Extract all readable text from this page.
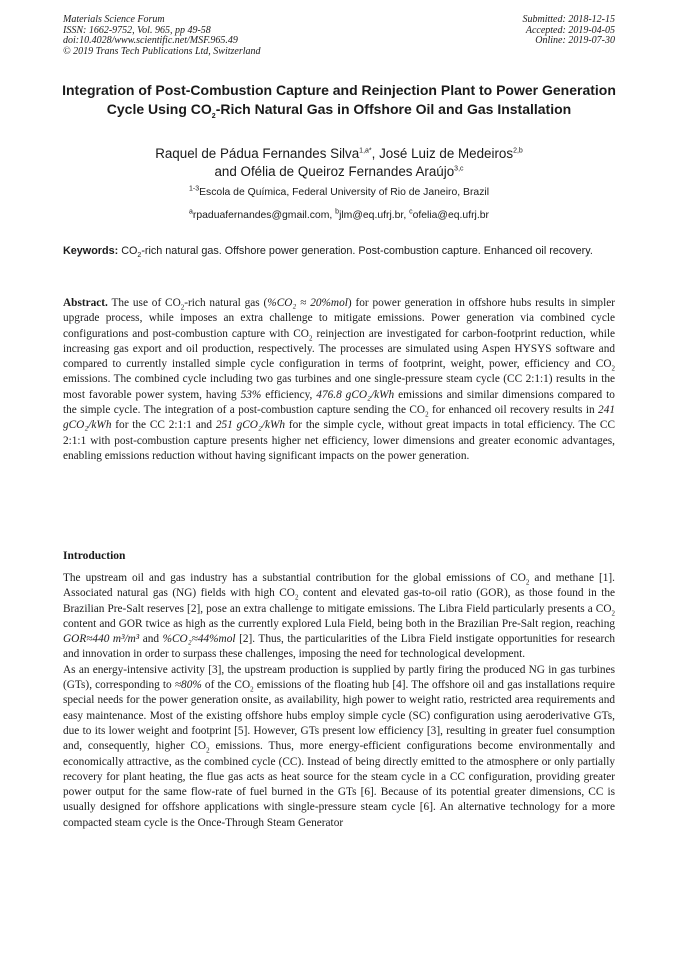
Materials Science Forum
ISSN: 1662-9752, Vol. 965, pp 49-58
doi:10.4028/www.scientific.net/MSF.965.49
© 2019 Trans Tech Publications Ltd, Switzerland
Submitted: 2018-12-15
Accepted: 2019-04-05
Online: 2019-07-30
Integration of Post-Combustion Capture and Reinjection Plant to Power Generation Cycle Using $CO_2$-Rich Natural Gas in Offshore Oil and Gas Installation
Raquel de Pádua Fernandes Silva$^{1,a*}$, José Luiz de Medeiros$^{2,b}$
and Ofélia de Queiroz Fernandes Araújo$^{3,c}$
$^{1-3}$Escola de Química, Federal University of Rio de Janeiro, Brazil
$^a$rpaduafernandes@gmail.com, $^b$jlm@eq.ufrj.br, $^c$ofelia@eq.ufrj.br
Keywords: $CO_2$-rich natural gas. Offshore power generation. Post-combustion capture. Enhanced oil recovery.

Abstract. The use of $CO_2$-rich natural gas (%CO₂ ≈ 20%mol) for power generation in offshore hubs results in simpler upgrade process, while imposes an extra challenge to mitigate emissions. Power generation via combined cycle configurations and post-combustion capture with $CO_2$ reinjection are investigated for carbon-footprint reduction, while increasing gas export and oil production, respectively. The processes are simulated using Aspen HYSYS software and compared to currently installed simple cycle configuration in terms of footprint, weight, power, efficiency and $CO_2$ emissions. The combined cycle including two gas turbines and one single-pressure steam cycle (CC 2:1:1) results in the most favorable power system, having 53% efficiency, 476.8 gCO₂/kWh emissions and similar dimensions compared to the simple cycle. The integration of a post-combustion capture sending the $CO_2$ for enhanced oil recovery results in 241 gCO₂/kWh for the CC 2:1:1 and 251 gCO₂/kWh for the simple cycle, without great impacts in total efficiency. The CC 2:1:1 with post-combustion capture presents higher net efficiency, lower dimensions and greater economic advantages, enabling emissions reduction without having significant impacts on the power generation.

Introduction

The upstream oil and gas industry has a substantial contribution for the global emissions of $CO_2$ and methane [1]. Associated natural gas (NG) fields with high $CO_2$ content and elevated gas-to-oil ratio (GOR), as those found in the Brazilian Pre-Salt reserves [2], pose an extra challenge to mitigate emissions. The Libra Field particularly presents a $CO_2$ content and GOR twice as high as the currently explored Lula Field, being both in the Brazilian Pre-Salt region, reaching GOR≈440 m³/m³ and %CO₂≈44%mol [2]. Thus, the particularities of the Libra Field instigate opportunities for research and innovation in order to surpass these challenges, imposing the need for technological development.

As an energy-intensive activity [3], the upstream production is supplied by partly firing the produced NG in gas turbines (GTs), corresponding to ≈80% of the $CO_2$ emissions of the floating hub [4]. The offshore oil and gas installations require special needs for the power generation onsite, as availability, high power to weight ratio, restricted area requirements and easy maintenance. Most of the existing offshore hubs employ simple cycle (SC) configuration using aeroderivative GTs, due to its lower weight and footprint [5]. However, GTs present low efficiency [3], resulting in greater fuel consumption and, consequently, higher $CO_2$ emissions. Thus, more energy-efficient configurations become environmentally and economically attractive, as the combined cycle (CC). Instead of being directly emitted to the atmosphere or only partially recovery for plant heating, the flue gas acts as heat source for the steam cycle in a CC configuration, providing greater power output for the same flow-rate of fuel burned in the GTs [6]. Because of its potential greater dimensions, CC is usually designed for offshore applications with single-pressure steam cycle [6]. An alternative technology for a more compacted steam cycle is the Once-Through Steam Generator
